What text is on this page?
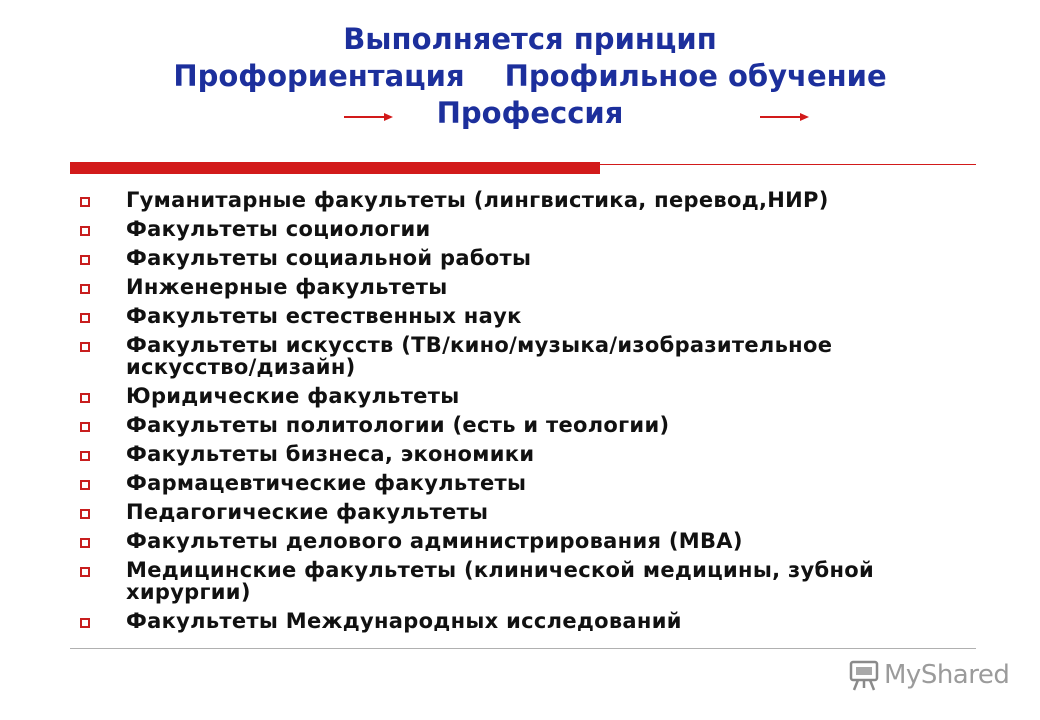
Выполняется принцип
Профориентация Профильное обучение
Профессия
Гуманитарные факультеты (лингвистика, перевод,НИР)
Факультеты социологии
Факультеты социальной работы
Инженерные факультеты
Факультеты естественных наук
Факультеты искусств (ТВ/кино/музыка/изобразительное искусство/дизайн)
Юридические факультеты
Факультеты политологии (есть и теологии)
Факультеты бизнеса, экономики
Фармацевтические факультеты
Педагогические факультеты
Факультеты делового администрирования (MBA)
Медицинские факультеты (клинической медицины, зубной хирургии)
Факультеты Международных исследований
MyShared
